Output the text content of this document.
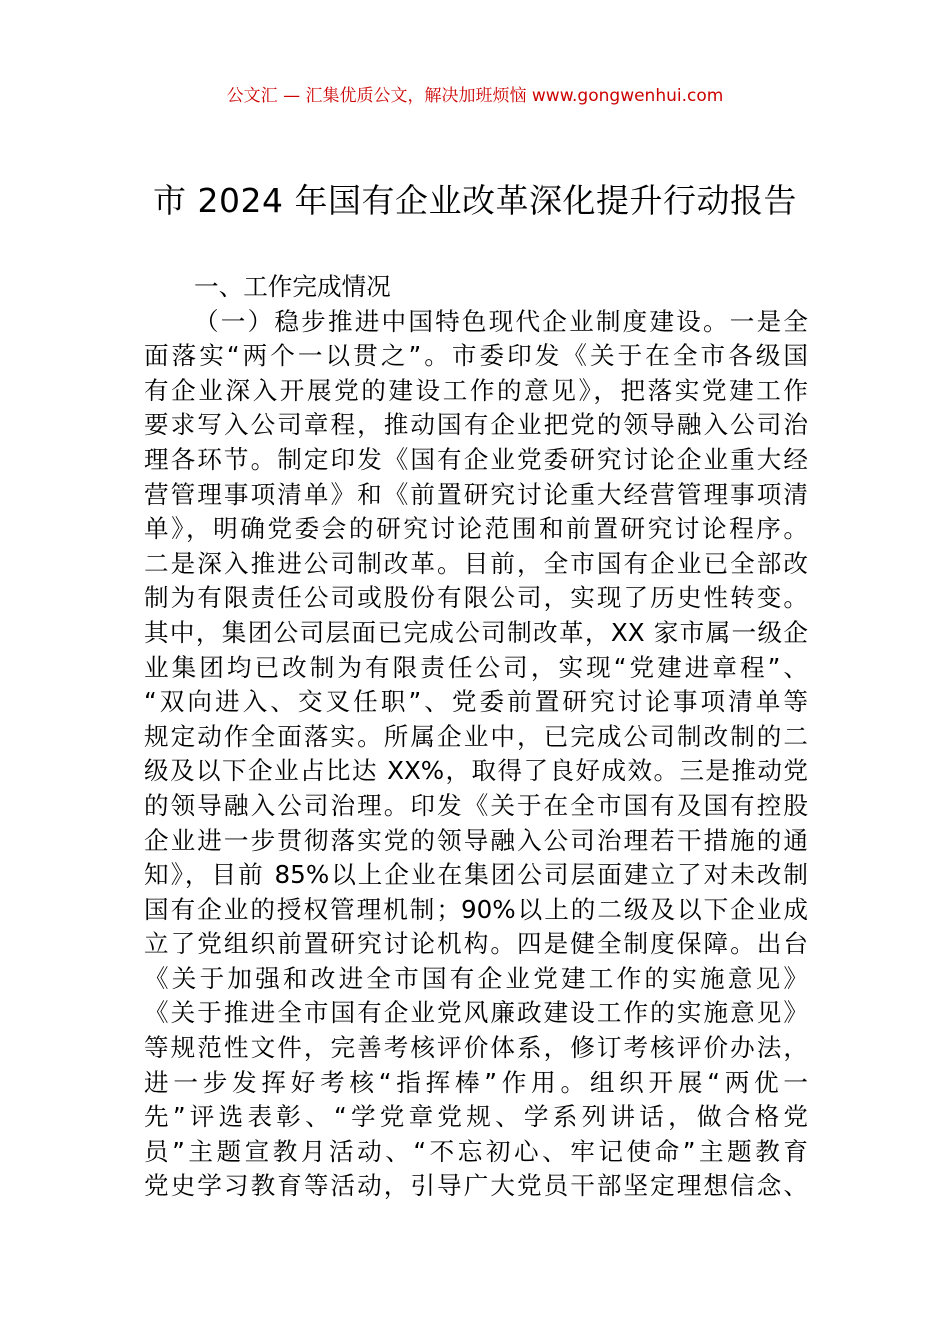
公文汇 — 汇集优质公文，解决加班烦恼 www.gongwenhui.com
市 2024 年国有企业改革深化提升行动报告
一、工作完成情况
（一）稳步推进中国特色现代企业制度建设。一是全
面落实“两个一以贯之”。市委印发《关于在全市各级国
有企业深入开展党的建设工作的意见》，把落实党建工作
要求写入公司章程，推动国有企业把党的领导融入公司治
理各环节。制定印发《国有企业党委研究讨论企业重大经
营管理事项清单》和《前置研究讨论重大经营管理事项清
单》，明确党委会的研究讨论范围和前置研究讨论程序。
二是深入推进公司制改革。目前，全市国有企业已全部改
制为有限责任公司或股份有限公司，实现了历史性转变。
其中，集团公司层面已完成公司制改革，XX 家市属一级企
业集团均已改制为有限责任公司，实现“党建进章程”、
“双向进入、交叉任职”、党委前置研究讨论事项清单等
规定动作全面落实。所属企业中，已完成公司制改制的二
级及以下企业占比达 XX%，取得了良好成效。三是推动党
的领导融入公司治理。印发《关于在全市国有及国有控股
企业进一步贯彻落实党的领导融入公司治理若干措施的通
知》，目前 85%以上企业在集团公司层面建立了对未改制
国有企业的授权管理机制；90%以上的二级及以下企业成
立了党组织前置研究讨论机构。四是健全制度保障。出台
《关于加强和改进全市国有企业党建工作的实施意见》
《关于推进全市国有企业党风廉政建设工作的实施意见》
等规范性文件，完善考核评价体系，修订考核评价办法，
进一步发挥好考核“指挥棒”作用。组织开展“两优一
先”评选表彰、“学党章党规、学系列讲话，做合格党
员”主题宣教月活动、“不忘初心、牢记使命”主题教育
党史学习教育等活动，引导广大党员干部坚定理想信念、
